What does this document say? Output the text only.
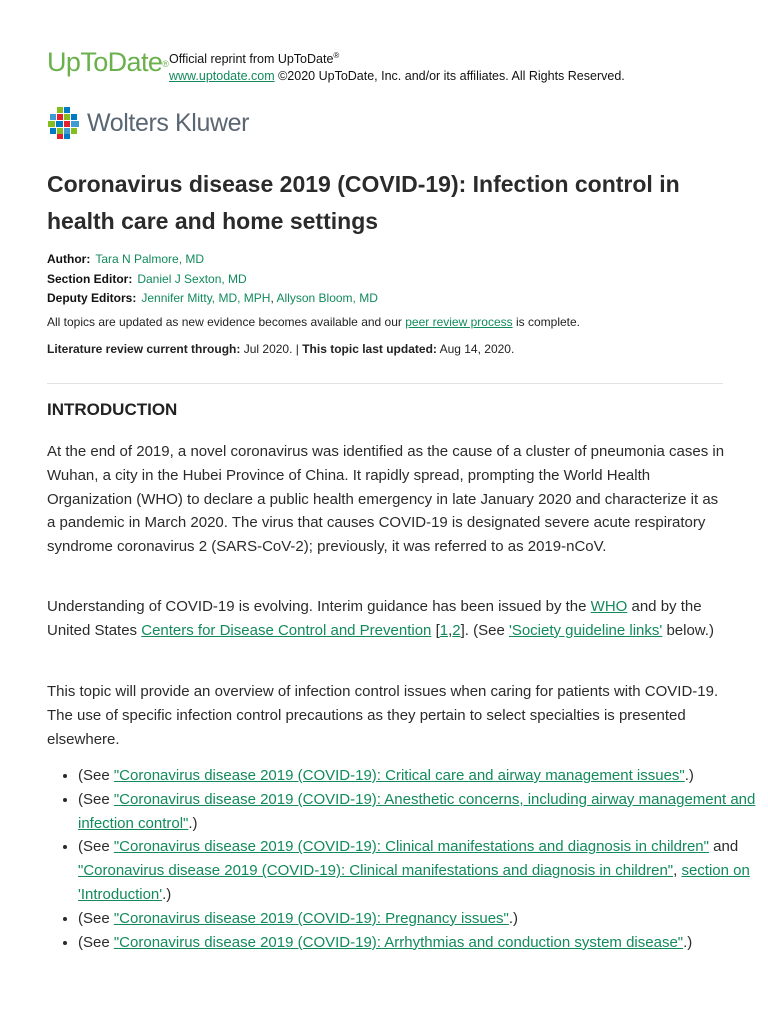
UpToDate® Official reprint from UpToDate®
www.uptodate.com ©2020 UpToDate, Inc. and/or its affiliates. All Rights Reserved.
Wolters Kluwer
Coronavirus disease 2019 (COVID-19): Infection control in health care and home settings
Author: Tara N Palmore, MD
Section Editor: Daniel J Sexton, MD
Deputy Editors: Jennifer Mitty, MD, MPH, Allyson Bloom, MD
All topics are updated as new evidence becomes available and our peer review process is complete.
Literature review current through: Jul 2020. | This topic last updated: Aug 14, 2020.
INTRODUCTION

At the end of 2019, a novel coronavirus was identified as the cause of a cluster of pneumonia cases in Wuhan, a city in the Hubei Province of China. It rapidly spread, prompting the World Health Organization (WHO) to declare a public health emergency in late January 2020 and characterize it as a pandemic in March 2020. The virus that causes COVID-19 is designated severe acute respiratory syndrome coronavirus 2 (SARS-CoV-2); previously, it was referred to as 2019-nCoV.

Understanding of COVID-19 is evolving. Interim guidance has been issued by the WHO and by the United States Centers for Disease Control and Prevention [1,2]. (See 'Society guideline links' below.)

This topic will provide an overview of infection control issues when caring for patients with COVID-19. The use of specific infection control precautions as they pertain to select specialties is presented elsewhere.

• (See "Coronavirus disease 2019 (COVID-19): Critical care and airway management issues".)
• (See "Coronavirus disease 2019 (COVID-19): Anesthetic concerns, including airway management and infection control".)
• (See "Coronavirus disease 2019 (COVID-19): Clinical manifestations and diagnosis in children" and "Coronavirus disease 2019 (COVID-19): Clinical manifestations and diagnosis in children", section on 'Introduction'.)
• (See "Coronavirus disease 2019 (COVID-19): Pregnancy issues".)
• (See "Coronavirus disease 2019 (COVID-19): Arrhythmias and conduction system disease".)
